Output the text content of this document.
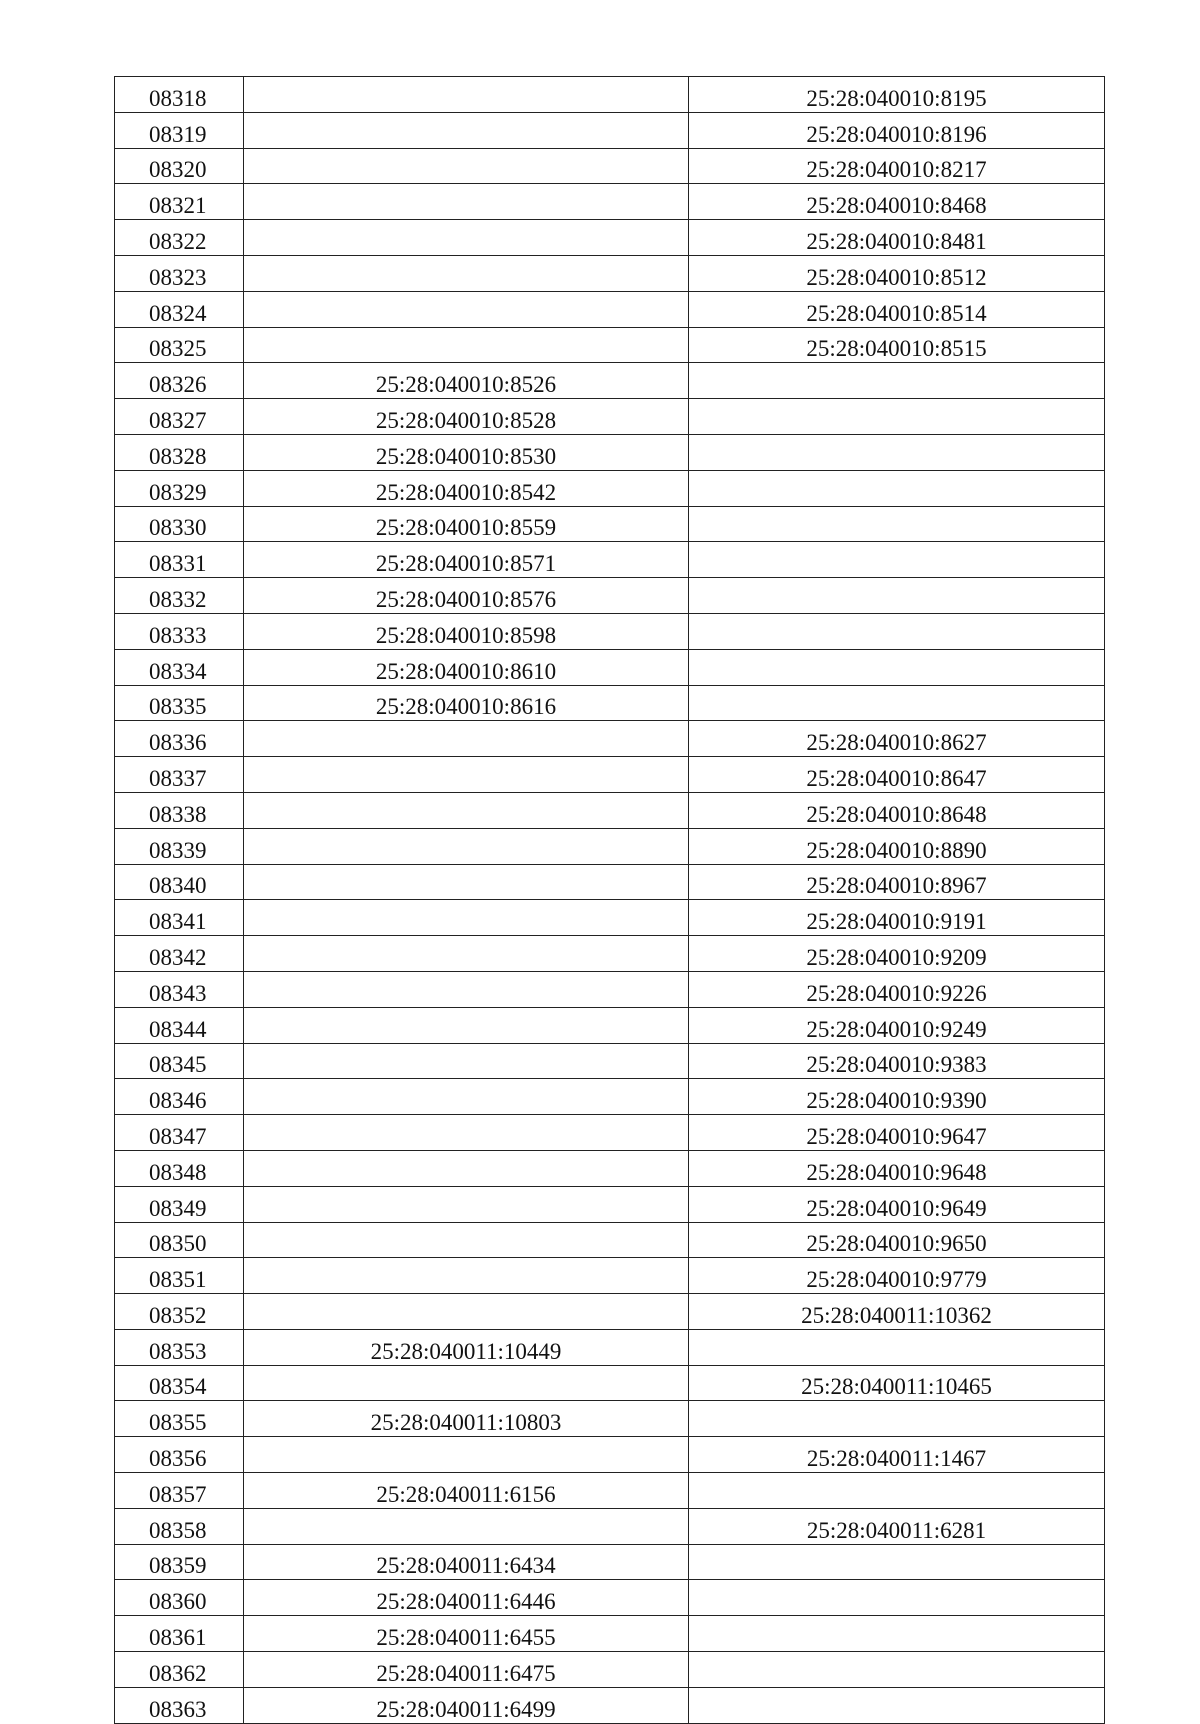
08318		25:28:040010:8195
08319		25:28:040010:8196
08320		25:28:040010:8217
08321		25:28:040010:8468
08322		25:28:040010:8481
08323		25:28:040010:8512
08324		25:28:040010:8514
08325		25:28:040010:8515
08326	25:28:040010:8526	
08327	25:28:040010:8528	
08328	25:28:040010:8530	
08329	25:28:040010:8542	
08330	25:28:040010:8559	
08331	25:28:040010:8571	
08332	25:28:040010:8576	
08333	25:28:040010:8598	
08334	25:28:040010:8610	
08335	25:28:040010:8616	
08336		25:28:040010:8627
08337		25:28:040010:8647
08338		25:28:040010:8648
08339		25:28:040010:8890
08340		25:28:040010:8967
08341		25:28:040010:9191
08342		25:28:040010:9209
08343		25:28:040010:9226
08344		25:28:040010:9249
08345		25:28:040010:9383
08346		25:28:040010:9390
08347		25:28:040010:9647
08348		25:28:040010:9648
08349		25:28:040010:9649
08350		25:28:040010:9650
08351		25:28:040010:9779
08352		25:28:040011:10362
08353	25:28:040011:10449	
08354		25:28:040011:10465
08355	25:28:040011:10803	
08356		25:28:040011:1467
08357	25:28:040011:6156	
08358		25:28:040011:6281
08359	25:28:040011:6434	
08360	25:28:040011:6446	
08361	25:28:040011:6455	
08362	25:28:040011:6475	
08363	25:28:040011:6499	
